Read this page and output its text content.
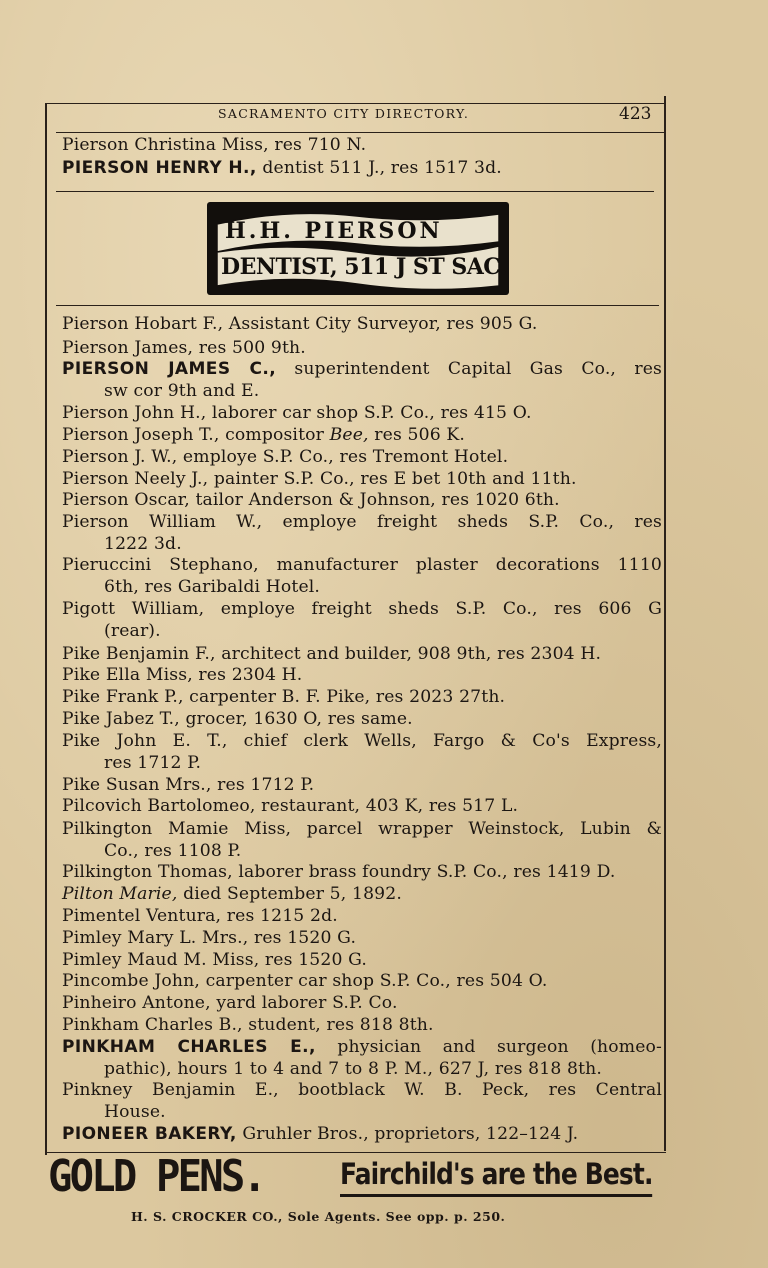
SACRAMENTO CITY DIRECTORY.	423
H.H. PIERSON
DENTIST, 511 J ST SAC.
Pierson Christina Miss, res 710 N.
PIERSON HENRY H., dentist 511 J., res 1517 3d.
Pierson Hobart F., Assistant City Surveyor, res 905 G.
Pierson James, res 500 9th.
PIERSON JAMES C., superintendent Capital Gas Co., res
sw cor 9th and E.
Pierson John H., laborer car shop S.P. Co., res 415 O.
Pierson Joseph T., compositor Bee, res 506 K.
Pierson J. W., employe S.P. Co., res Tremont Hotel.
Pierson Neely J., painter S.P. Co., res E bet 10th and 11th.
Pierson Oscar, tailor Anderson & Johnson, res 1020 6th.
Pierson William W., employe freight sheds S.P. Co., res
1222 3d.
Pieruccini Stephano, manufacturer plaster decorations 1110
6th, res Garibaldi Hotel.
Pigott William, employe freight sheds S.P. Co., res 606 G
(rear).
Pike Benjamin F., architect and builder, 908 9th, res 2304 H.
Pike Ella Miss, res 2304 H.
Pike Frank P., carpenter B. F. Pike, res 2023 27th.
Pike Jabez T., grocer, 1630 O, res same.
Pike John E. T., chief clerk Wells, Fargo & Co's Express,
res 1712 P.
Pike Susan Mrs., res 1712 P.
Pilcovich Bartolomeo, restaurant, 403 K, res 517 L.
Pilkington Mamie Miss, parcel wrapper Weinstock, Lubin &
Co., res 1108 P.
Pilkington Thomas, laborer brass foundry S.P. Co., res 1419 D.
Pilton Marie, died September 5, 1892.
Pimentel Ventura, res 1215 2d.
Pimley Mary L. Mrs., res 1520 G.
Pimley Maud M. Miss, res 1520 G.
Pincombe John, carpenter car shop S.P. Co., res 504 O.
Pinheiro Antone, yard laborer S.P. Co.
Pinkham Charles B., student, res 818 8th.
PINKHAM CHARLES E., physician and surgeon (homeo-
pathic), hours 1 to 4 and 7 to 8 P. M., 627 J, res 818 8th.
Pinkney Benjamin E., bootblack W. B. Peck, res Central
House.
PIONEER BAKERY, Gruhler Bros., proprietors, 122–124 J.
GOLD PENS.	Fairchild's are the Best.
H. S. CROCKER CO., Sole Agents. See opp. p. 250.
